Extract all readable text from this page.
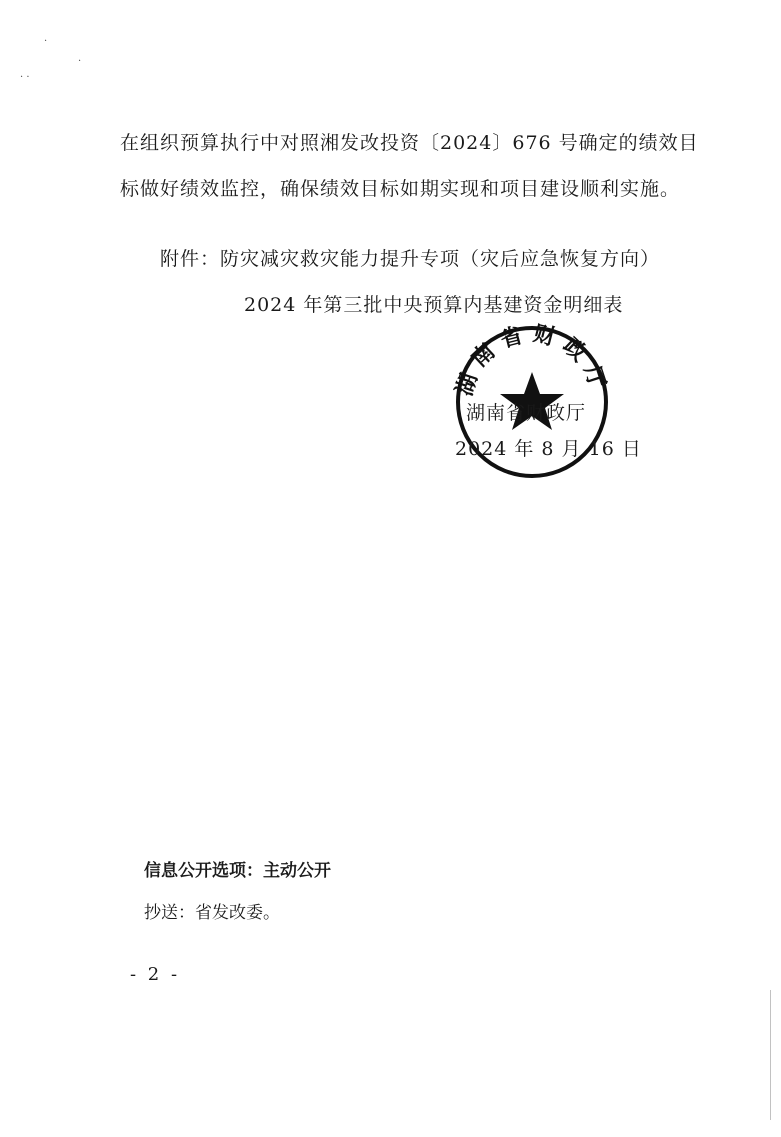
·
· ·
·
在组织预算执行中对照湘发改投资〔2024〕676 号确定的绩效目
标做好绩效监控，确保绩效目标如期实现和项目建设顺利实施。
附件：防灾减灾救灾能力提升专项（灾后应急恢复方向）
2024 年第三批中央预算内基建资金明细表
湖南省财政厅
湖南省财政厅
2024 年 8 月 16 日
信息公开选项：主动公开
抄送：省发改委。
- 2 -
